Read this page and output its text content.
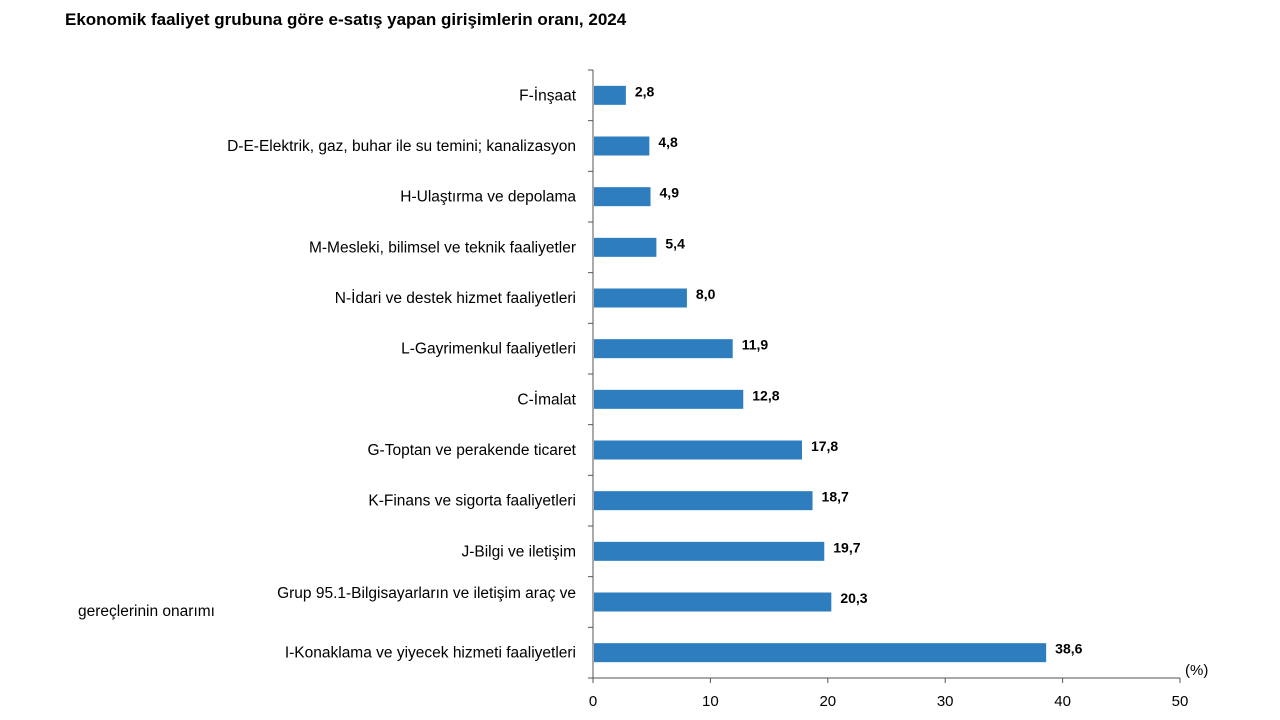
Ekonomik faaliyet grubuna göre e-satış yapan girişimlerin oranı, 2024
0	10	20	30	40	50
(%)
2,8
F-İnşaat
4,8
D-E-Elektrik, gaz, buhar ile su temini; kanalizasyon
4,9
H-Ulaştırma ve depolama
5,4
M-Mesleki, bilimsel ve teknik faaliyetler
8,0
N-İdari ve destek hizmet faaliyetleri
11,9
L-Gayrimenkul faaliyetleri
12,8
C-İmalat
17,8
G-Toptan ve perakende ticaret
18,7
K-Finans ve sigorta faaliyetleri
19,7
J-Bilgi ve iletişim
20,3
Grup 95.1-Bilgisayarların ve iletişim araç ve gereçlerinin onarımı
38,6
I-Konaklama ve yiyecek hizmeti faaliyetleri
